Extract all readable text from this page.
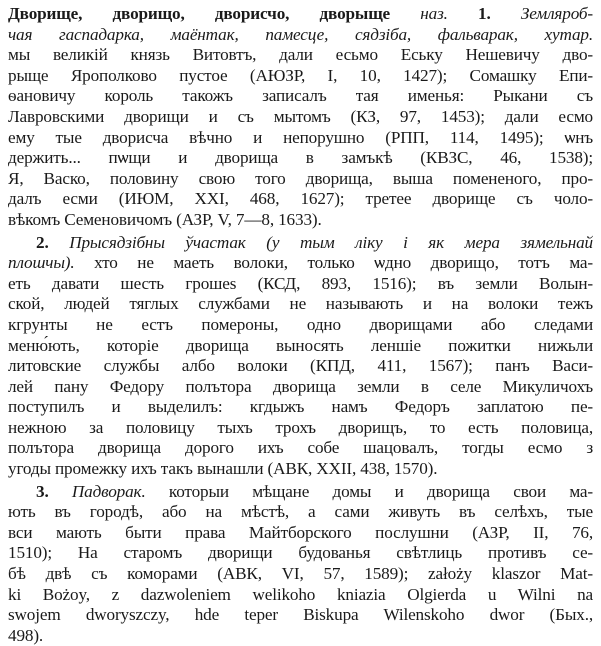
Дворище, дворищо, дворисчо, дворыще наз. 1. Земляроб-
чая гаспадарка, маёнтак, памесце, сядзіба, фальварак, хутар.
мы великій князь Витовтъ, дали есьмо Еську Нешевичу дво-
рыще Ярополково пустое (АЮЗР, I, 10, 1427); Сомашку Епи-
ѳановичу король такожъ записалъ тая именья: Рыкани съ
Лавровскими дворищи и съ мытомъ (КЗ, 97, 1453); дали есмо
ему тые дворисча вѣчно и непорушно (РПП, 114, 1495); ѡнъ
держить... пѡщи и дворища в замъкѣ (КВЗС, 46, 1538);
Я, Васко, половину свою того дворища, выша помененого, про-
далъ есми (ИЮМ, XXI, 468, 1627); третее дворище съ чоло-
вѣкомъ Семеновичомъ (АЗР, V, 7—8, 1633).
2. Прысядзібны ўчастак (у тым ліку і як мера зямельнай
плошчы). хто не маеть волоки, только ѡдно дворищо, тотъ ма-
еть давати шесть грошеѕ (КСД, 893, 1516); въ земли Волын-
ской, людей тяглых службами не называють и на волоки тежъ
кгрунты не естъ помероны, одно дворищами або следами
меню́ють, которіе дворища выносять леншіе пожитки нижьли
литовские службы албо волоки (КПД, 411, 1567); панъ Васи-
лей пану Федору полътора дворища земли в селе Микуличохъ
поступилъ и выделилъ: кгдыжъ намъ Федоръ заплатою пе-
нежною за половицу тыхъ трохъ дворищъ, то есть половица,
полътора дворища дорого ихъ собе шацовалъ, тогды есмо з
угоды промежку ихъ такъ вынашли (АВК, XXII, 438, 1570).
3. Падворак. которыи мѣщане домы и дворища свои ма-
ють въ городѣ, або на мѣстѣ, а сами живуть въ селѣхъ, тые
вси мають быти права Майтборского послушни (АЗР, II, 76,
1510); На старомъ дворищи будованья свѣтлиць противъ се-
бѣ двѣ съ коморами (АВК, VI, 57, 1589); założy klaszor Mat-
ki Bożoy, z dazwoleniem welikoho kniazia Olgierda u Wilni na
swojem dworyszczy, hde teper Biskupa Wilenskoho dwor (Бых.,
498).
